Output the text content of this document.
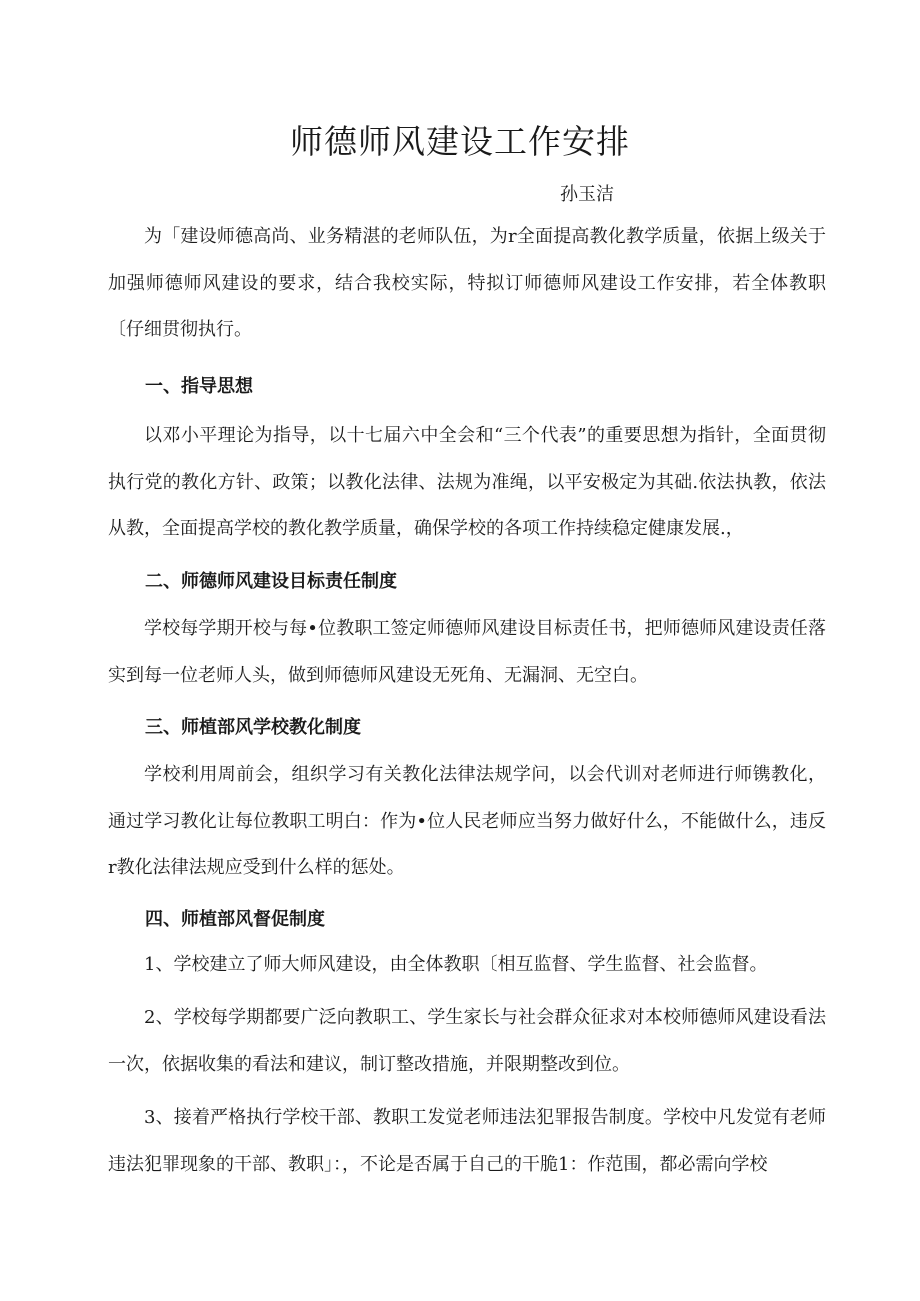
师德师风建设工作安排
孙玉洁

为「建设师德高尚、业务精湛的老师队伍，为r全面提高教化教学质量，依据上级关于加强师德师风建设的要求，结合我校实际，特拟订师德师风建设工作安排，若全体教职〔仔细贯彻执行。

一、指导思想

以邓小平理论为指导，以十七届六中全会和“三个代表”的重要思想为指针，全面贯彻执行党的教化方针、政策；以教化法律、法规为准绳，以平安极定为其础.依法执教，依法从教，全面提高学校的教化教学质量，确保学校的各项工作持续稳定健康发展.，

二、师德师风建设目标责任制度

学校每学期开校与每•位教职工签定师德师风建设目标责任书，把师德师风建设责任落实到每一位老师人头，做到师德师风建设无死角、无漏洞、无空白。

三、师植部风学校教化制度

学校利用周前会，组织学习有关教化法律法规学问，以会代训对老师进行师镌教化，通过学习教化让每位教职工明白：作为•位人民老师应当努力做好什么，不能做什么，违反r教化法律法规应受到什么样的惩处。

四、师植部风督促制度

1、学校建立了师大师风建设，由全体教职〔相互监督、学生监督、社会监督。

2、学校每学期都要广泛向教职工、学生家长与社会群众征求对本校师德师风建设看法一次，依据收集的看法和建议，制订整改措施，并限期整改到位。

3、接着严格执行学校干部、教职工发觉老师违法犯罪报告制度。学校中凡发觉有老师违法犯罪现象的干部、教职」：，不论是否属于自己的干脆1：作范围，都必需向学校
